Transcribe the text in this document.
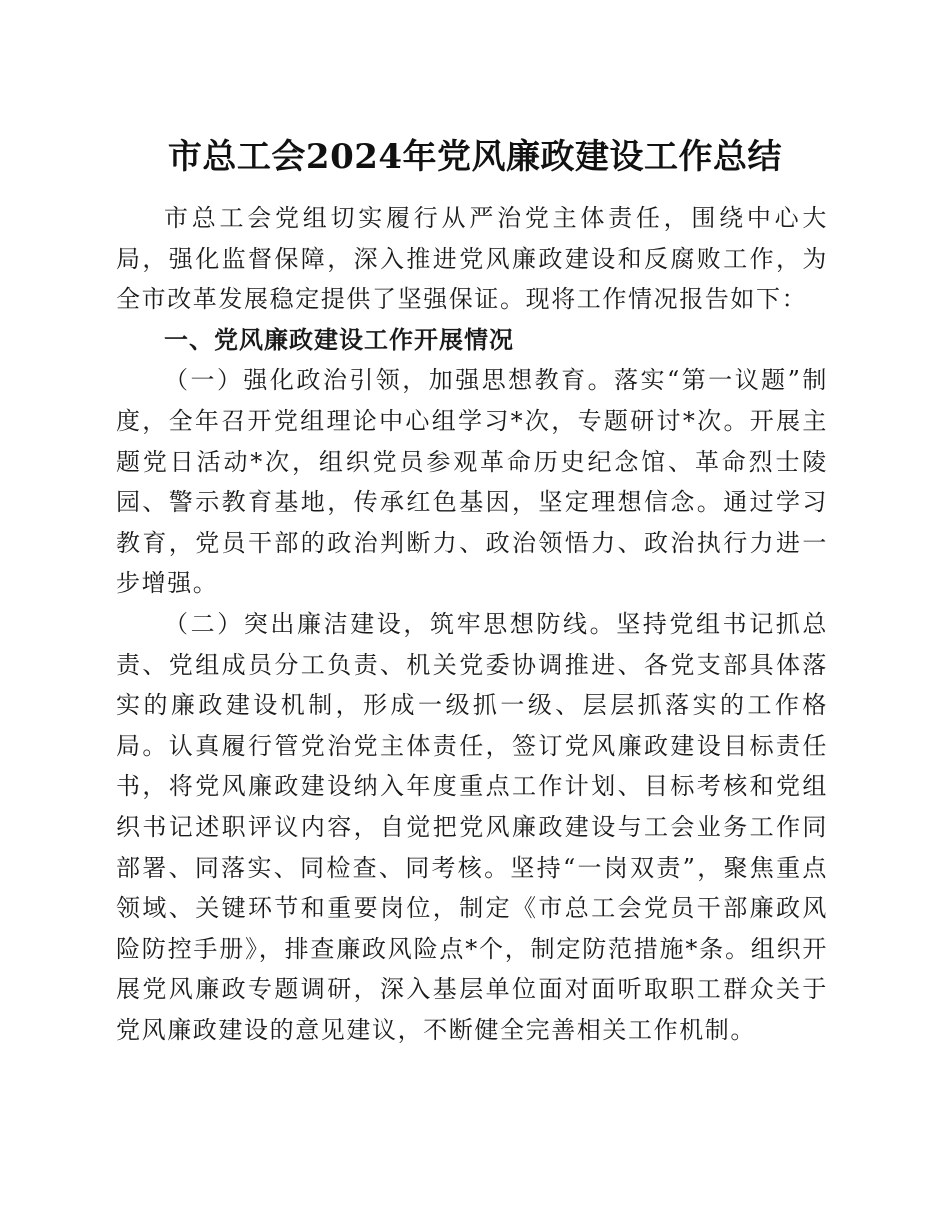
市总工会2024年党风廉政建设工作总结

市总工会党组切实履行从严治党主体责任，围绕中心大局，强化监督保障，深入推进党风廉政建设和反腐败工作，为全市改革发展稳定提供了坚强保证。现将工作情况报告如下：

一、党风廉政建设工作开展情况

（一）强化政治引领，加强思想教育。落实“第一议题”制度，全年召开党组理论中心组学习*次，专题研讨*次。开展主题党日活动*次，组织党员参观革命历史纪念馆、革命烈士陵园、警示教育基地，传承红色基因，坚定理想信念。通过学习教育，党员干部的政治判断力、政治领悟力、政治执行力进一步增强。

（二）突出廉洁建设，筑牢思想防线。坚持党组书记抓总责、党组成员分工负责、机关党委协调推进、各党支部具体落实的廉政建设机制，形成一级抓一级、层层抓落实的工作格局。认真履行管党治党主体责任，签订党风廉政建设目标责任书，将党风廉政建设纳入年度重点工作计划、目标考核和党组织书记述职评议内容，自觉把党风廉政建设与工会业务工作同部署、同落实、同检查、同考核。坚持“一岗双责”，聚焦重点领域、关键环节和重要岗位，制定《市总工会党员干部廉政风险防控手册》，排查廉政风险点*个，制定防范措施*条。组织开展党风廉政专题调研，深入基层单位面对面听取职工群众关于党风廉政建设的意见建议，不断健全完善相关工作机制。
